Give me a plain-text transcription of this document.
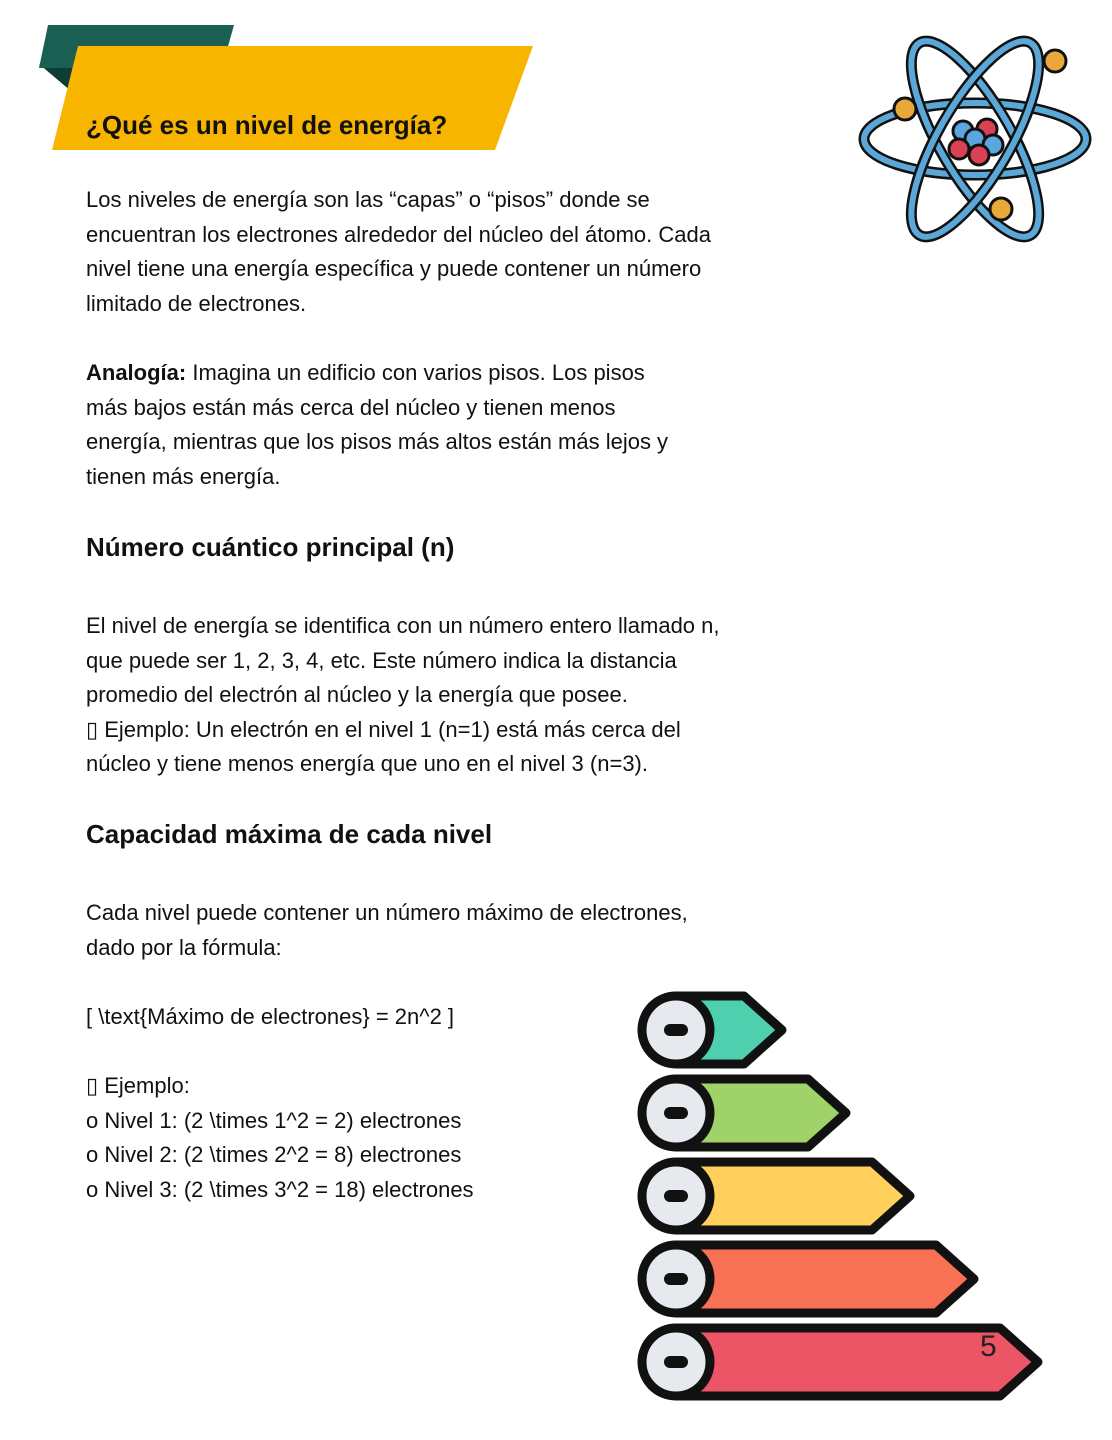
¿Qué es un nivel de energía?
Los niveles de energía son las “capas” o “pisos” donde se
encuentran los electrones alrededor del núcleo del átomo. Cada
nivel tiene una energía específica y puede contener un número
limitado de electrones.
Analogía: Imagina un edificio con varios pisos. Los pisos
más bajos están más cerca del núcleo y tienen menos
energía, mientras que los pisos más altos están más lejos y
tienen más energía.
Número cuántico principal (n)
El nivel de energía se identifica con un número entero llamado n,
que puede ser 1, 2, 3, 4, etc. Este número indica la distancia
promedio del electrón al núcleo y la energía que posee.
▯ Ejemplo: Un electrón en el nivel 1 (n=1) está más cerca del
núcleo y tiene menos energía que uno en el nivel 3 (n=3).
Capacidad máxima de cada nivel
Cada nivel puede contener un número máximo de electrones,
dado por la fórmula:
[ \text{Máximo de electrones} = 2n^2 ]
▯ Ejemplo:
o Nivel 1: (2 \times 1^2 = 2) electrones
o Nivel 2: (2 \times 2^2 = 8) electrones
o Nivel 3: (2 \times 3^2 = 18) electrones
5
